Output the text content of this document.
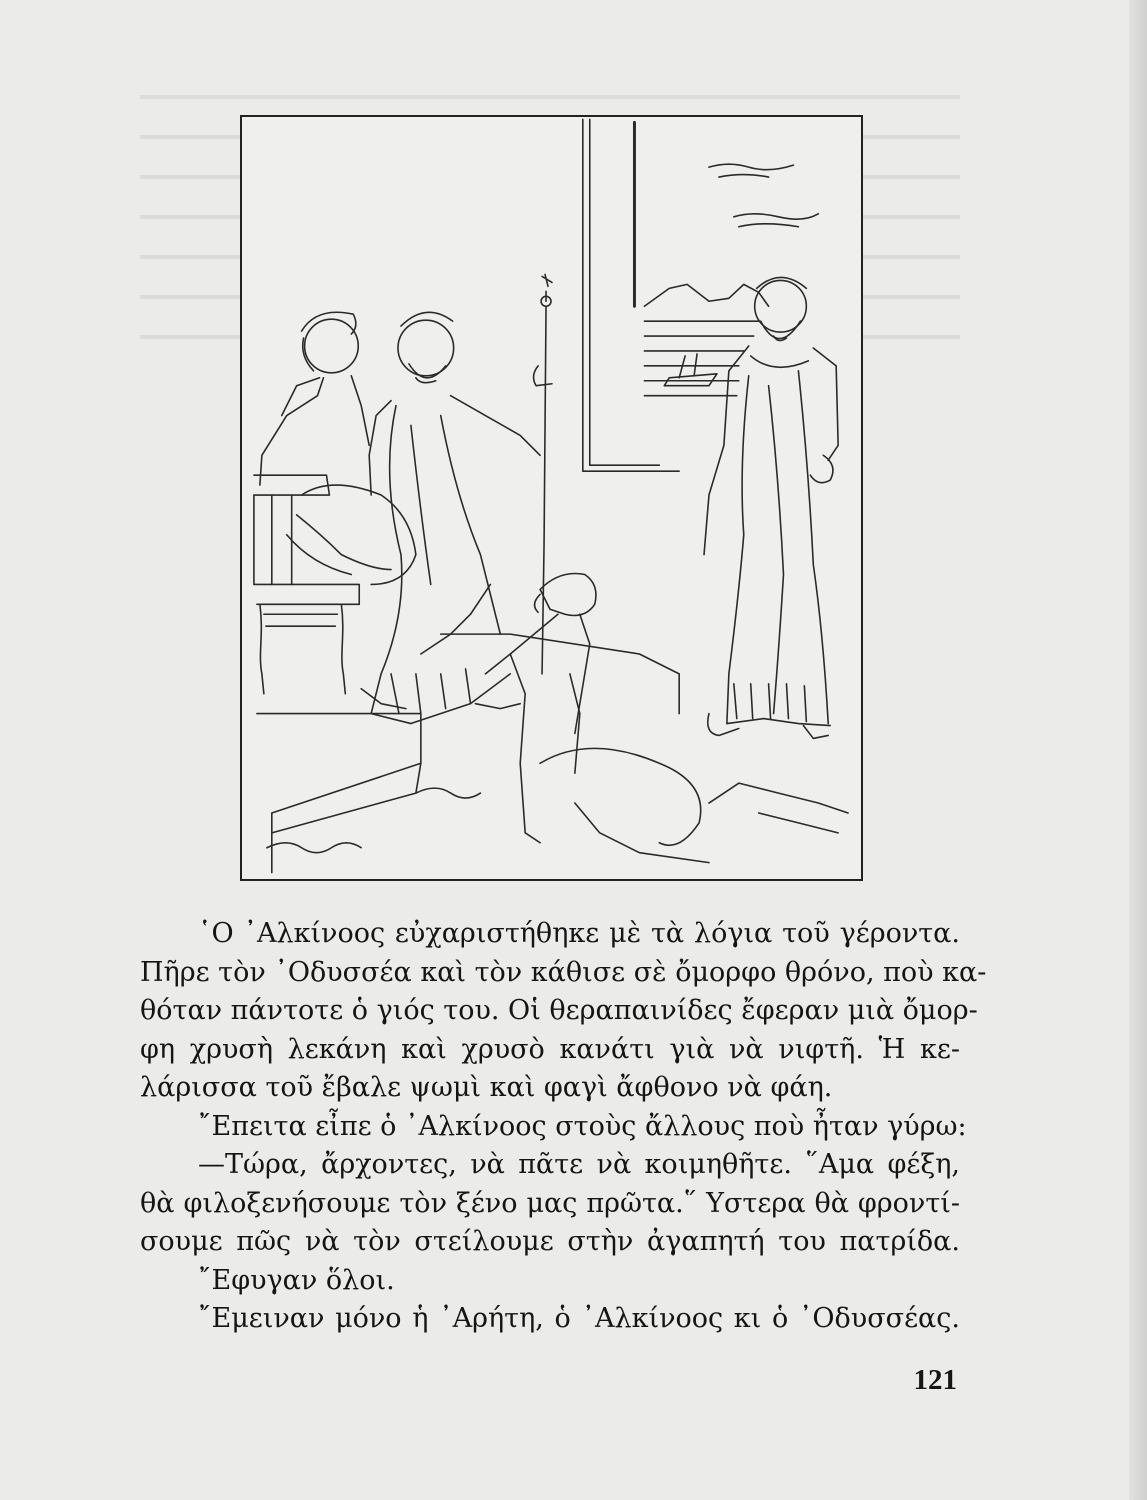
῾Ο ᾿Αλκίνοος εὐχαριστήθηκε μὲ τὰ λόγια τοῦ γέροντα.
Πῆρε τὸν ᾿Οδυσσέα καὶ τὸν κάθισε σὲ ὄμορφο θρόνο, ποὺ κα-
θόταν πάντοτε ὁ γιός του. Οἱ θεραπαινίδες ἔφεραν μιὰ ὄμορ-
φη χρυσὴ λεκάνη καὶ χρυσὸ κανάτι γιὰ νὰ νιφτῆ. Ἡ κε-
λάρισσα τοῦ ἔβαλε ψωμὶ καὶ φαγὶ ἄφθονο νὰ φάη.
῎Επειτα εἶπε ὁ ᾿Αλκίνοος στοὺς ἄλλους ποὺ ἦταν γύρω:
—Τώρα, ἄρχοντες, νὰ πᾶτε νὰ κοιμηθῆτε. ῞Αμα φέξη,
θὰ φιλοξενήσουμε τὸν ξένο μας πρῶτα.῞ Υστερα θὰ φροντί-
σουμε πῶς νὰ τὸν στείλουμε στὴν ἀγαπητή του πατρίδα.
῎Εφυγαν ὅλοι.
῎Εμειναν μόνο ἡ ᾿Αρήτη, ὁ ᾿Αλκίνοος κι ὁ ᾿Οδυσσέας.
121
